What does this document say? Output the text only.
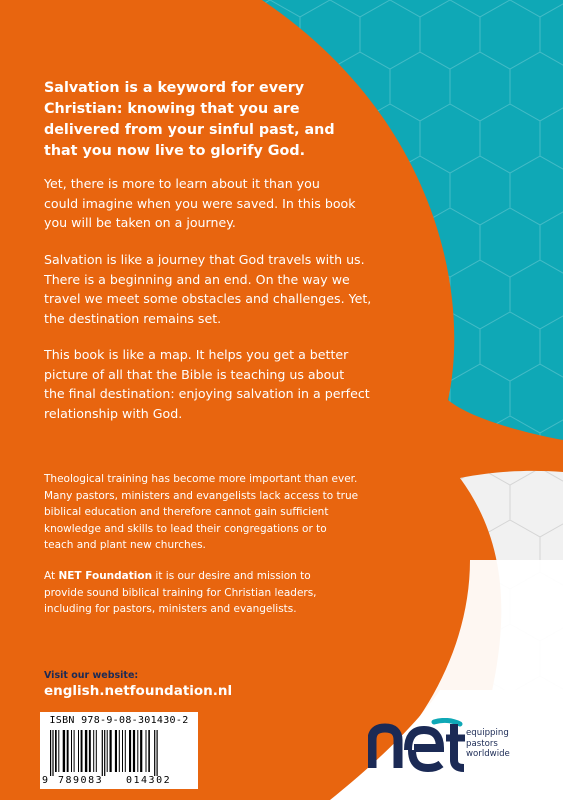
Salvation is a keyword for every
Christian: knowing that you are
delivered from your sinful past, and
that you now live to glorify God.

Yet, there is more to learn about it than you
could imagine when you were saved. In this book
you will be taken on a journey.

Salvation is like a journey that God travels with us.
There is a beginning and an end. On the way we
travel we meet some obstacles and challenges. Yet,
the destination remains set.

This book is like a map. It helps you get a better
picture of all that the Bible is teaching us about
the final destination: enjoying salvation in a perfect
relationship with God.

Theological training has become more important than ever.
Many pastors, ministers and evangelists lack access to true
biblical education and therefore cannot gain sufficient
knowledge and skills to lead their congregations or to
teach and plant new churches.

At NET Foundation it is our desire and mission to
provide sound biblical training for Christian leaders,
including for pastors, ministers and evangelists.

Visit our website:

english.netfoundation.nl

ISBN 978-9-08-301430-2
9 789083 014302

equipping
pastors
worldwide
